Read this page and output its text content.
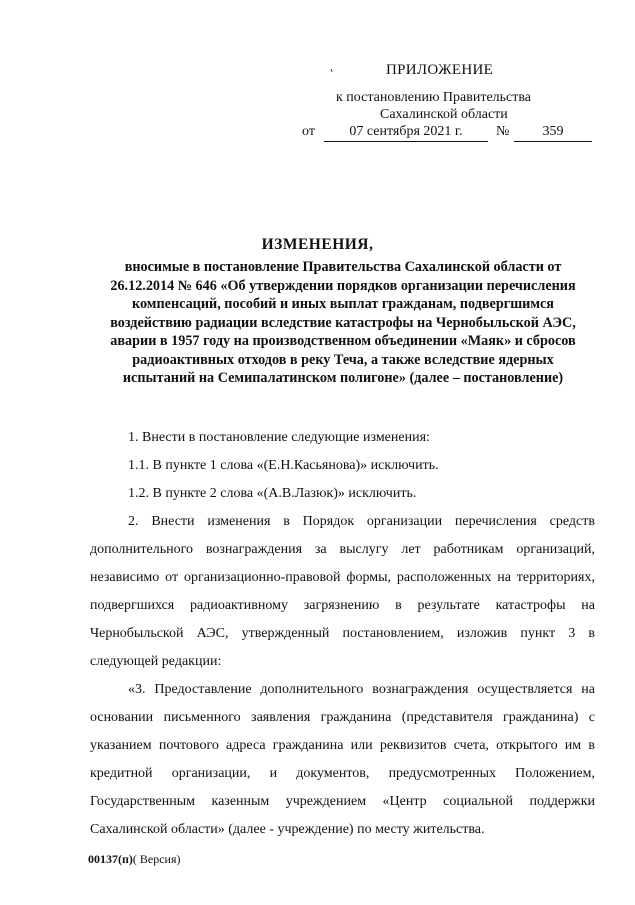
˛	ПРИЛОЖЕНИЕ
к постановлению Правительства
Сахалинской области
от	07 сентября 2021 г.	№	359
ИЗМЕНЕНИЯ,
вносимые в постановление Правительства Сахалинской области от
26.12.2014 № 646 «Об утверждении порядков организации перечисления
компенсаций, пособий и иных выплат гражданам, подвергшимся
воздействию радиации вследствие катастрофы на Чернобыльской АЭС,
аварии в 1957 году на производственном объединении «Маяк» и сбросов
радиоактивных отходов в реку Теча, а также вследствие ядерных
испытаний на Семипалатинском полигоне» (далее – постановление)

1. Внести в постановление следующие изменения:

1.1. В пункте 1 слова «(Е.Н.Касьянова)» исключить.

1.2. В пункте 2 слова «(А.В.Лазюк)» исключить.

2. Внести изменения в Порядок организации перечисления средств дополнительного вознаграждения за выслугу лет работникам организаций, независимо от организационно-правовой формы, расположенных на территориях, подвергшихся радиоактивному загрязнению в результате катастрофы на Чернобыльской АЭС, утвержденный постановлением, изложив пункт 3 в следующей редакции:

«3. Предоставление дополнительного вознаграждения осуществляется на основании письменного заявления гражданина (представителя гражданина) с указанием почтового адреса гражданина или реквизитов счета, открытого им в кредитной организации, и документов, предусмотренных Положением, Государственным казенным учреждением «Центр социальной поддержки Сахалинской области» (далее - учреждение) по месту жительства.

00137(п)( Версия)
